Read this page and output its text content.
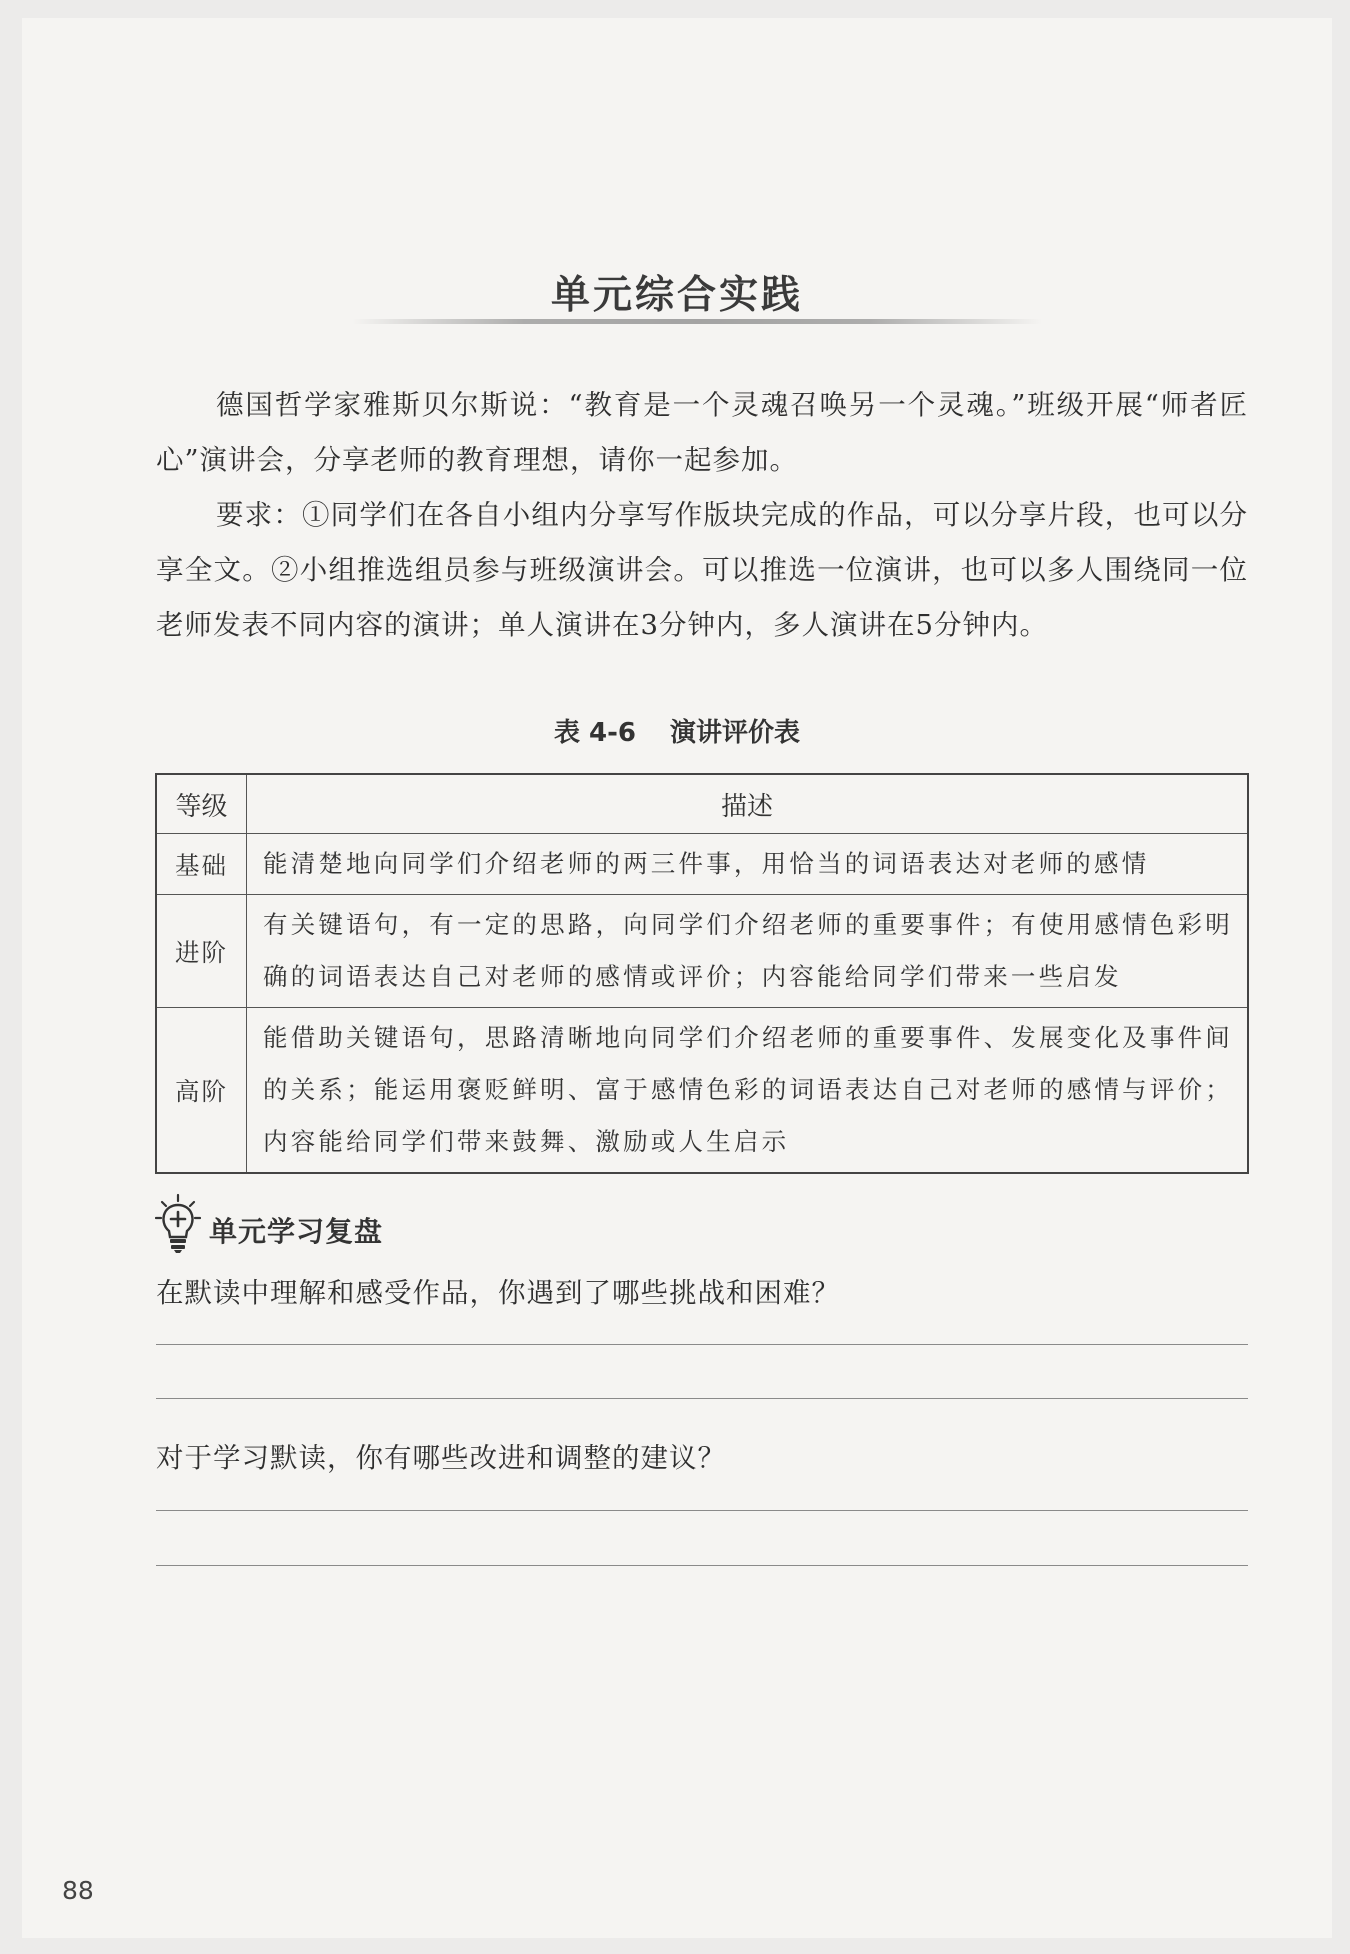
单元综合实践

德国哲学家雅斯贝尔斯说：“教育是一个灵魂召唤另一个灵魂。”班级开展“师者匠心”演讲会，分享老师的教育理想，请你一起参加。

要求：①同学们在各自小组内分享写作版块完成的作品，可以分享片段，也可以分享全文。②小组推选组员参与班级演讲会。可以推选一位演讲，也可以多人围绕同一位老师发表不同内容的演讲；单人演讲在3分钟内，多人演讲在5分钟内。

表 4-6 演讲评价表
等级	描述
基础	能清楚地向同学们介绍老师的两三件事，用恰当的词语表达对老师的感情
进阶	有关键语句，有一定的思路，向同学们介绍老师的重要事件；有使用感情色彩明确的词语表达自己对老师的感情或评价；内容能给同学们带来一些启发
高阶	能借助关键语句，思路清晰地向同学们介绍老师的重要事件、发展变化及事件间的关系；能运用褒贬鲜明、富于感情色彩的词语表达自己对老师的感情与评价；内容能给同学们带来鼓舞、激励或人生启示
单元学习复盘
在默读中理解和感受作品，你遇到了哪些挑战和困难？
对于学习默读，你有哪些改进和调整的建议？
88
